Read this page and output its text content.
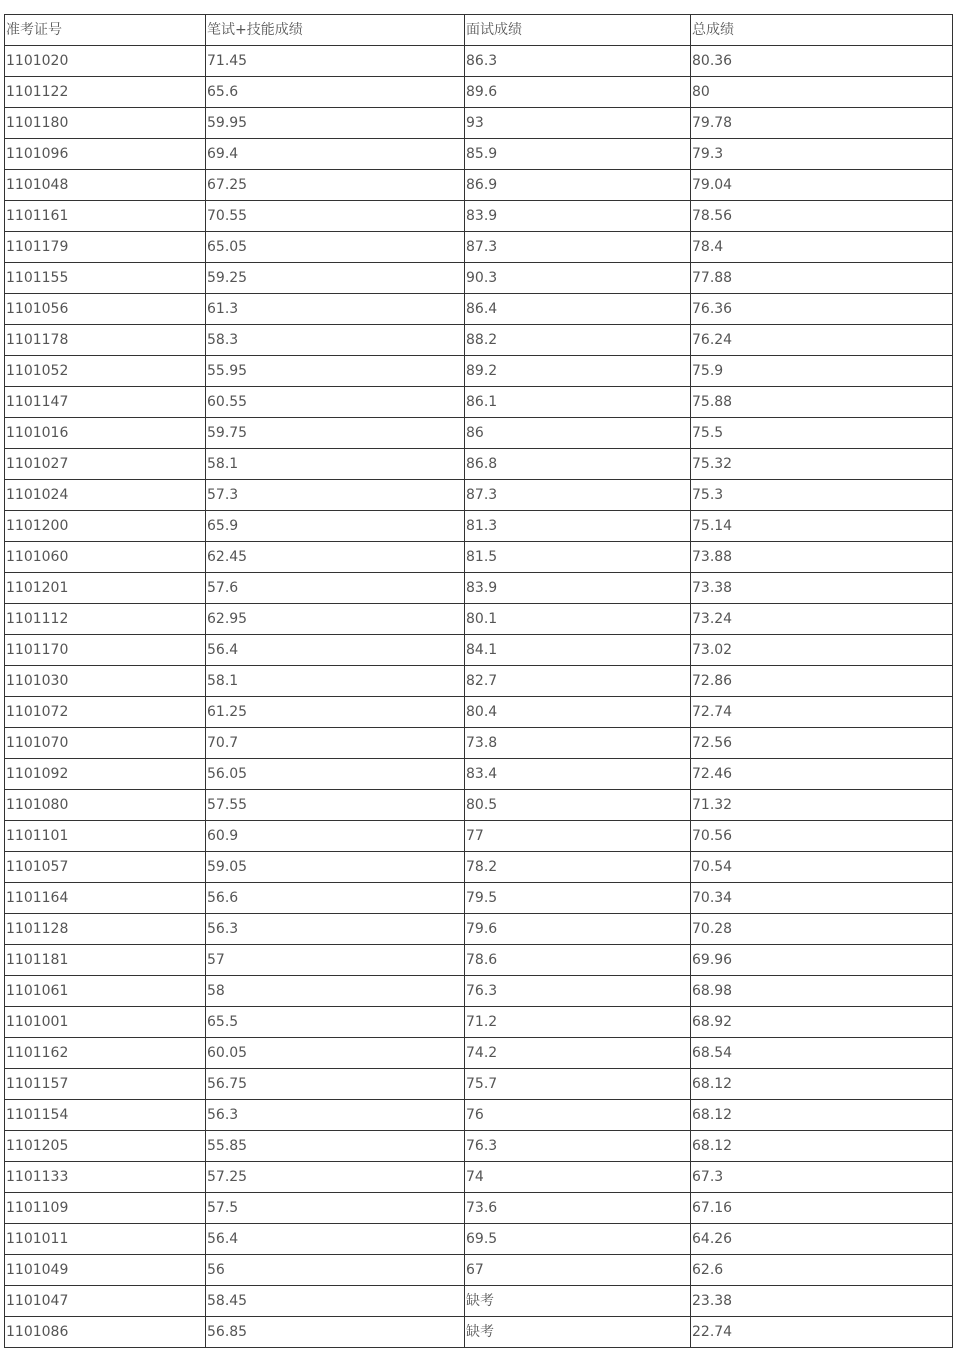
准考证号	笔试+技能成绩	面试成绩	总成绩
1101020	71.45	86.3	80.36
1101122	65.6	89.6	80
1101180	59.95	93	79.78
1101096	69.4	85.9	79.3
1101048	67.25	86.9	79.04
1101161	70.55	83.9	78.56
1101179	65.05	87.3	78.4
1101155	59.25	90.3	77.88
1101056	61.3	86.4	76.36
1101178	58.3	88.2	76.24
1101052	55.95	89.2	75.9
1101147	60.55	86.1	75.88
1101016	59.75	86	75.5
1101027	58.1	86.8	75.32
1101024	57.3	87.3	75.3
1101200	65.9	81.3	75.14
1101060	62.45	81.5	73.88
1101201	57.6	83.9	73.38
1101112	62.95	80.1	73.24
1101170	56.4	84.1	73.02
1101030	58.1	82.7	72.86
1101072	61.25	80.4	72.74
1101070	70.7	73.8	72.56
1101092	56.05	83.4	72.46
1101080	57.55	80.5	71.32
1101101	60.9	77	70.56
1101057	59.05	78.2	70.54
1101164	56.6	79.5	70.34
1101128	56.3	79.6	70.28
1101181	57	78.6	69.96
1101061	58	76.3	68.98
1101001	65.5	71.2	68.92
1101162	60.05	74.2	68.54
1101157	56.75	75.7	68.12
1101154	56.3	76	68.12
1101205	55.85	76.3	68.12
1101133	57.25	74	67.3
1101109	57.5	73.6	67.16
1101011	56.4	69.5	64.26
1101049	56	67	62.6
1101047	58.45	缺考	23.38
1101086	56.85	缺考	22.74
